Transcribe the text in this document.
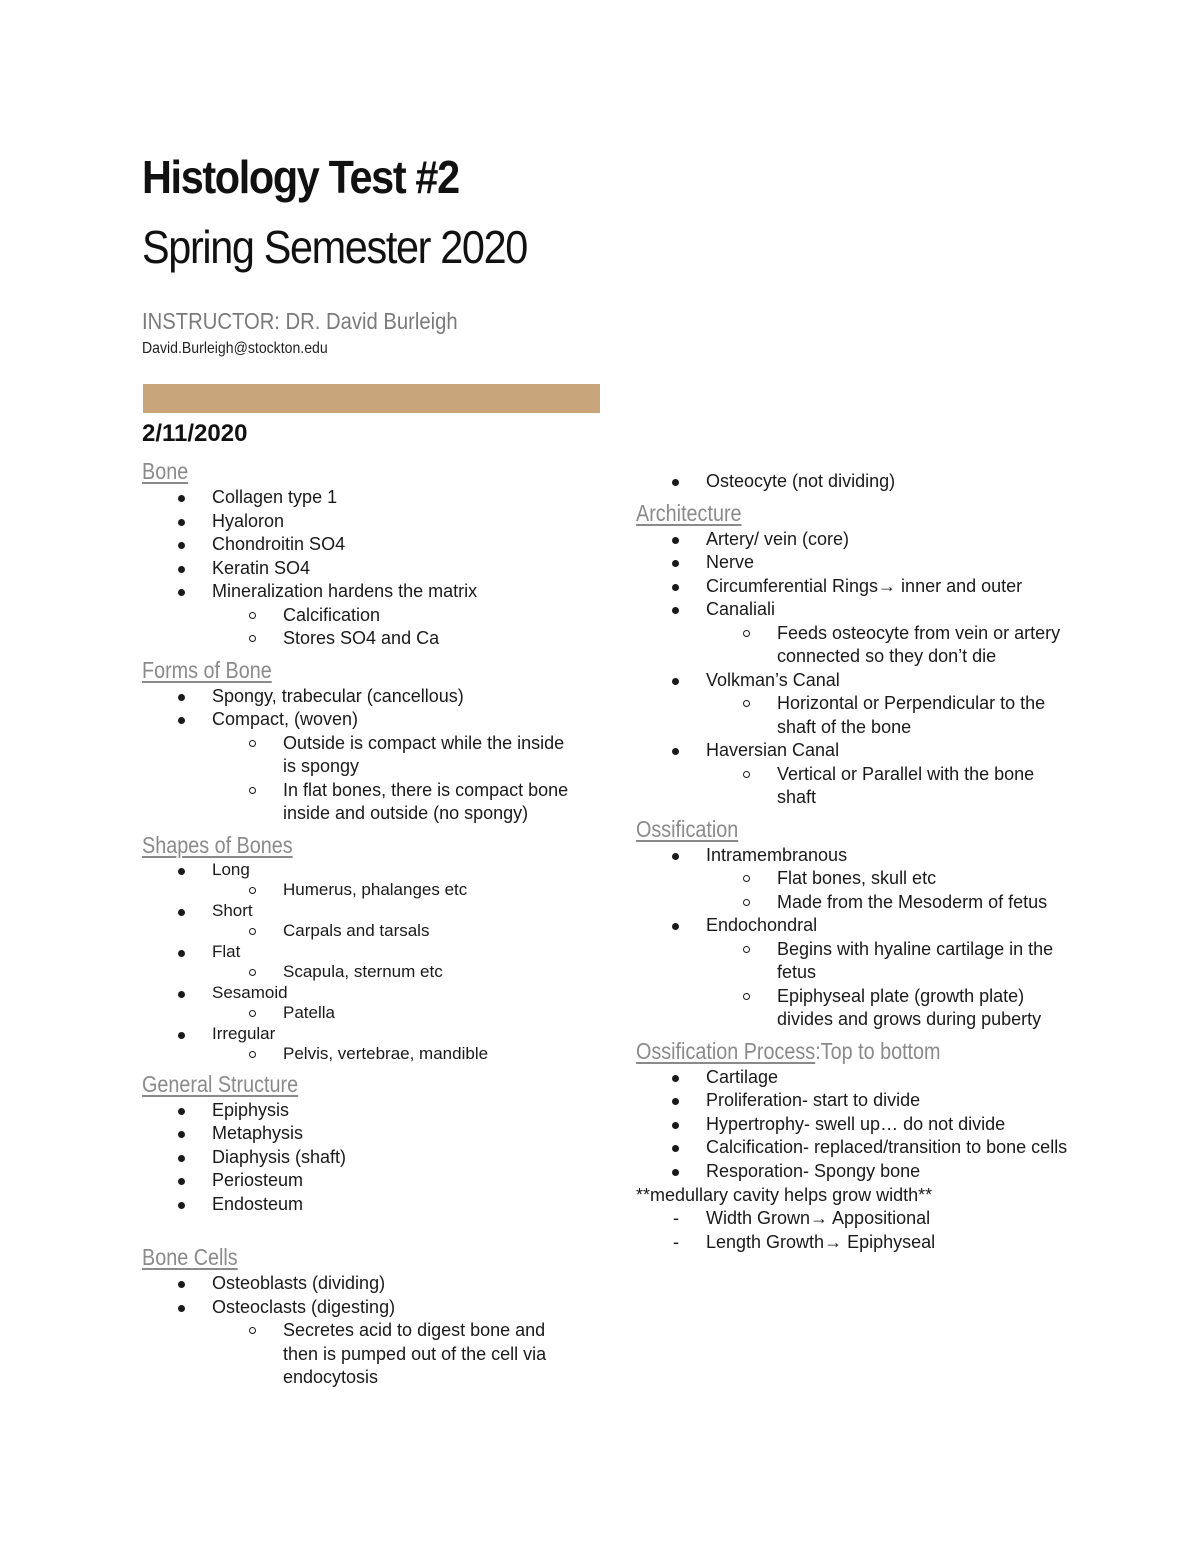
Histology Test #2
Spring Semester 2020
INSTRUCTOR: DR. David Burleigh
David.Burleigh@stockton.edu
2/11/2020
Bone
Collagen type 1
Hyaloron
Chondroitin SO4
Keratin SO4
Mineralization hardens the matrix
Calcification
Stores SO4 and Ca
Forms of Bone
Spongy, trabecular (cancellous)
Compact, (woven)
Outside is compact while the inside is spongy
In flat bones, there is compact bone inside and outside (no spongy)
Shapes of Bones
Long
Humerus, phalanges etc
Short
Carpals and tarsals
Flat
Scapula, sternum etc
Sesamoid
Patella
Irregular
Pelvis, vertebrae, mandible
General Structure
Epiphysis
Metaphysis
Diaphysis (shaft)
Periosteum
Endosteum
Bone Cells
Osteoblasts (dividing)
Osteoclasts (digesting)
Secretes acid to digest bone and then is pumped out of the cell via endocytosis
Osteocyte (not dividing)
Architecture
Artery/ vein (core)
Nerve
Circumferential Rings→ inner and outer
Canaliali
Feeds osteocyte from vein or artery connected so they don’t die
Volkman’s Canal
Horizontal or Perpendicular to the shaft of the bone
Haversian Canal
Vertical or Parallel with the bone shaft
Ossification
Intramembranous
Flat bones, skull etc
Made from the Mesoderm of fetus
Endochondral
Begins with hyaline cartilage in the fetus
Epiphyseal plate (growth plate) divides and grows during puberty
Ossification Process:Top to bottom
Cartilage
Proliferation- start to divide
Hypertrophy- swell up… do not divide
Calcification- replaced/transition to bone cells
Resporation- Spongy bone
**medullary cavity helps grow width**
- Width Grown→ Appositional
- Length Growth→ Epiphyseal
